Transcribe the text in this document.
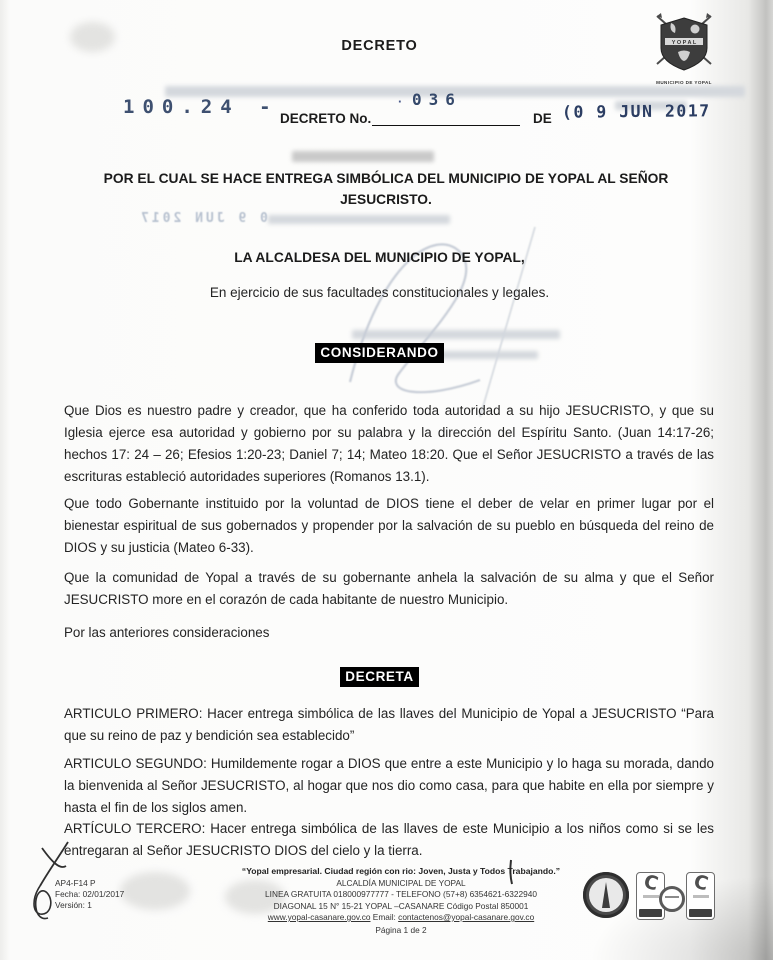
0 9 JUN 2017
DECRETO	Y O P A L
MUNICIPIO DE YOPAL
100.24 -
DECRETO No.
· 036
DE (0 9 JUN 2017
POR EL CUAL SE HACE ENTREGA SIMBÓLICA DEL MUNICIPIO DE YOPAL AL SEÑOR
JESUCRISTO.
LA ALCALDESA DEL MUNICIPIO DE YOPAL,
En ejercicio de sus facultades constitucionales y legales.
CONSIDERANDO
Que Dios es nuestro padre y creador, que ha conferido toda autoridad a su hijo JESUCRISTO, y que su Iglesia ejerce esa autoridad y gobierno por su palabra y la dirección del Espíritu Santo. (Juan 14:17-26; hechos 17: 24 – 26; Efesios 1:20-23; Daniel 7; 14; Mateo 18:20. Que el Señor JESUCRISTO a través de las escrituras estableció autoridades superiores (Romanos 13.1).
Que todo Gobernante instituido por la voluntad de DIOS tiene el deber de velar en primer lugar por el bienestar espiritual de sus gobernados y propender por la salvación de su pueblo en búsqueda del reino de DIOS y su justicia (Mateo 6-33).
Que la comunidad de Yopal a través de su gobernante anhela la salvación de su alma y que el Señor JESUCRISTO more en el corazón de cada habitante de nuestro Municipio.
Por las anteriores consideraciones
DECRETA
ARTICULO PRIMERO: Hacer entrega simbólica de las llaves del Municipio de Yopal a JESUCRISTO “Para que su reino de paz y bendición sea establecido”
ARTICULO SEGUNDO: Humildemente rogar a DIOS que entre a este Municipio y lo haga su morada, dando la bienvenida al Señor JESUCRISTO, al hogar que nos dio como casa, para que habite en ella por siempre y hasta el fin de los siglos amen.
ARTÍCULO TERCERO: Hacer entrega simbólica de las llaves de este Municipio a los niños como si se les entregaran al Señor JESUCRISTO DIOS del cielo y la tierra.
AP4-F14 P
Fecha: 02/01/2017
Versión: 1
“Yopal empresarial. Ciudad región con rio: Joven, Justa y Todos Trabajando.”
ALCALDÍA MUNICIPAL DE YOPAL
LINEA GRATUITA 018000977777 - TELEFONO (57+8) 6354621-6322940
DIAGONAL 15 N° 15-21 YOPAL –CASANARE Código Postal 850001
www.yopal-casanare.gov.co Email: contactenos@yopal-casanare.gov.co
Página 1 de 2
C C
